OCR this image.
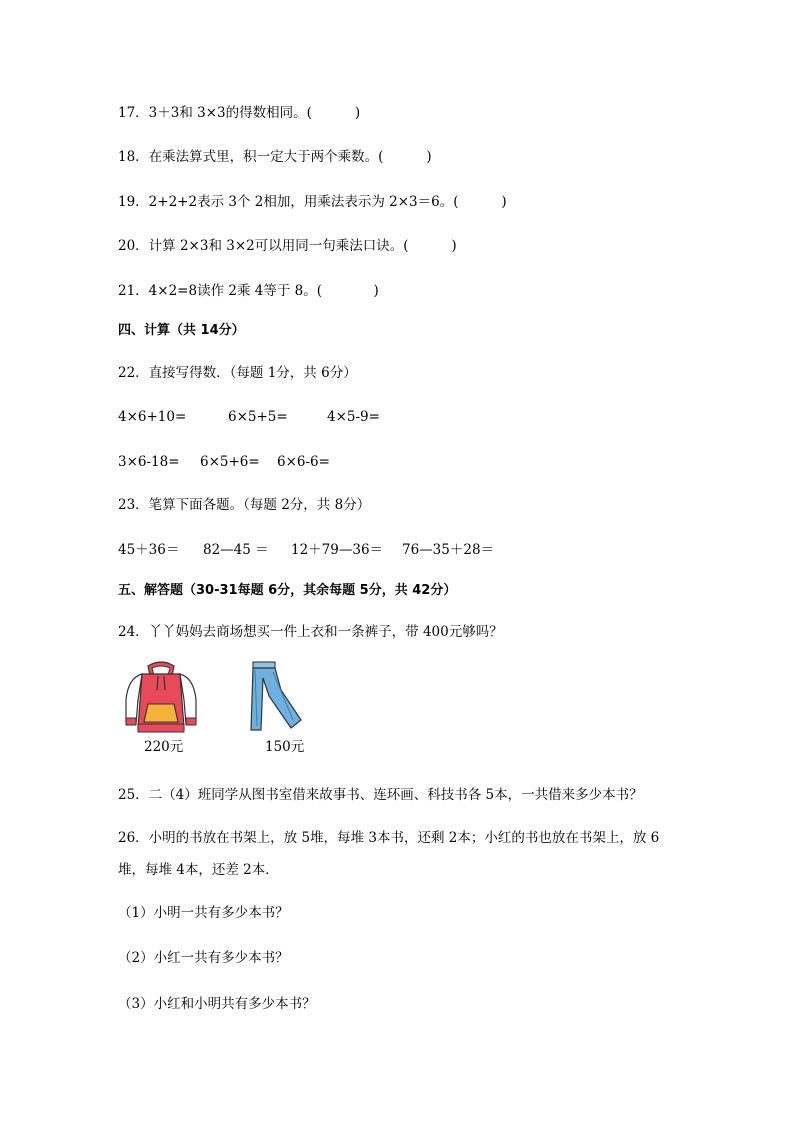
17．3＋3和 3×3的得数相同。(          )
18．在乘法算式里，积一定大于两个乘数。(          )
19．2+2+2表示 3个 2相加，用乘法表示为 2×3＝6。(          )
20．计算 2×3和 3×2可以用同一句乘法口诀。(          )
21．4×2=8读作 2乘 4等于 8。(            )
四、计算（共 14分）
22．直接写得数．（每题 1分，共 6分）
4×6+10=	6×5+5=	4×5-9=
3×6-18= 6×5+6= 6×6-6=
23．笔算下面各题。（每题 2分，共 8分）
45＋36＝ 82—45 ＝ 12＋79—36＝ 76—35＋28＝
五、解答题（30-31每题 6分，其余每题 5分，共 42分）
24．丫丫妈妈去商场想买一件上衣和一条裤子，带 400元够吗？
220元	150元
25．二（4）班同学从图书室借来故事书、连环画、科技书各 5本，一共借来多少本书？
26．小明的书放在书架上，放 5堆，每堆 3本书，还剩 2本；小红的书也放在书架上，放 6
堆，每堆 4本，还差 2本．
（1）小明一共有多少本书？
（2）小红一共有多少本书？
（3）小红和小明共有多少本书？
